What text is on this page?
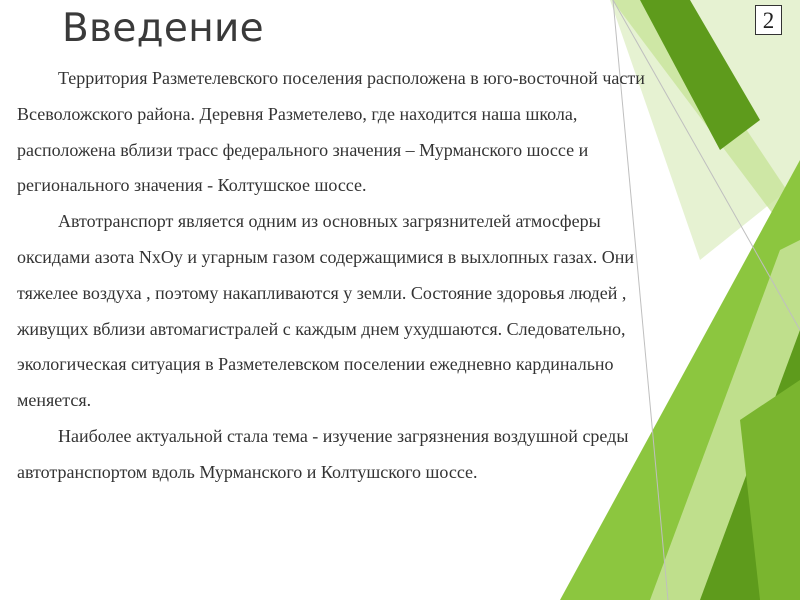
Введение	2
Территория Разметелевского поселения расположена в юго-восточной части
Всеволожского района. Деревня Разметелево, где находится наша школа,
расположена вблизи трасс федерального значения – Мурманского шоссе и
регионального значения - Колтушское шоссе.
Автотранспорт является одним из основных загрязнителей атмосферы
оксидами азота NxOy и угарным газом содержащимися в выхлопных газах. Они
тяжелее воздуха , поэтому накапливаются у земли. Состояние здоровья людей ,
живущих вблизи автомагистралей с каждым днем ухудшаются. Следовательно,
экологическая ситуация в Разметелевском поселении ежедневно кардинально
меняется.
Наиболее актуальной стала тема - изучение загрязнения воздушной среды
автотранспортом вдоль Мурманского и Колтушского шоссе.
